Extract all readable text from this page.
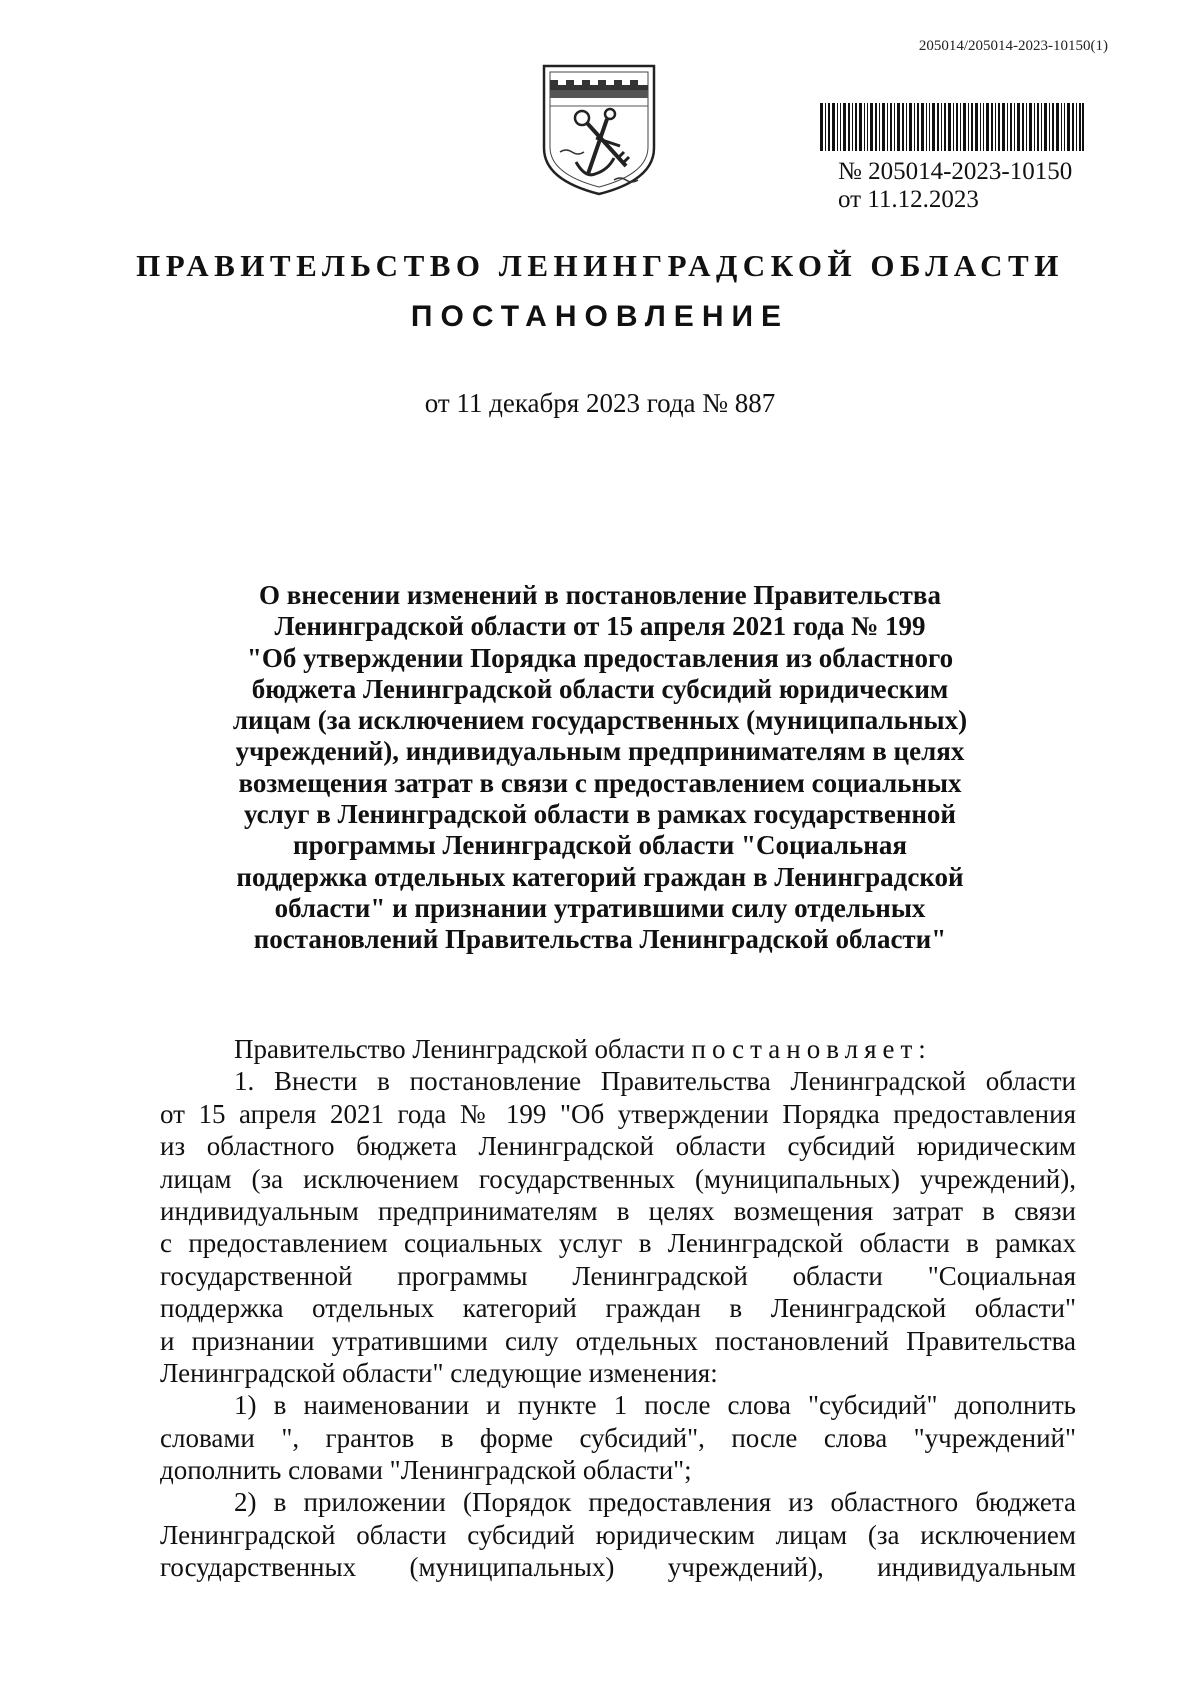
205014/205014-2023-10150(1)
№ 205014-2023-10150
от 11.12.2023
ПРАВИТЕЛЬСТВО ЛЕНИНГРАДСКОЙ ОБЛАСТИ
ПОСТАНОВЛЕНИЕ
от 11 декабря 2023 года № 887
О внесении изменений в постановление Правительства
Ленинградской области от 15 апреля 2021 года № 199
"Об утверждении Порядка предоставления из областного
бюджета Ленинградской области субсидий юридическим
лицам (за исключением государственных (муниципальных)
учреждений), индивидуальным предпринимателям в целях
возмещения затрат в связи с предоставлением социальных
услуг в Ленинградской области в рамках государственной
программы Ленинградской области "Социальная
поддержка отдельных категорий граждан в Ленинградской
области" и признании утратившими силу отдельных
постановлений Правительства Ленинградской области"
Правительство Ленинградской области постановляет:
1. Внести в постановление Правительства Ленинградской области
от 15 апреля 2021 года № 199 "Об утверждении Порядка предоставления
из областного бюджета Ленинградской области субсидий юридическим
лицам (за исключением государственных (муниципальных) учреждений),
индивидуальным предпринимателям в целях возмещения затрат в связи
с предоставлением социальных услуг в Ленинградской области в рамках
государственной программы Ленинградской области "Социальная
поддержка отдельных категорий граждан в Ленинградской области"
и признании утратившими силу отдельных постановлений Правительства
Ленинградской области" следующие изменения:
1) в наименовании и пункте 1 после слова "субсидий" дополнить
словами ", грантов в форме субсидий", после слова "учреждений"
дополнить словами "Ленинградской области";
2) в приложении (Порядок предоставления из областного бюджета
Ленинградской области субсидий юридическим лицам (за исключением
государственных (муниципальных) учреждений), индивидуальным
